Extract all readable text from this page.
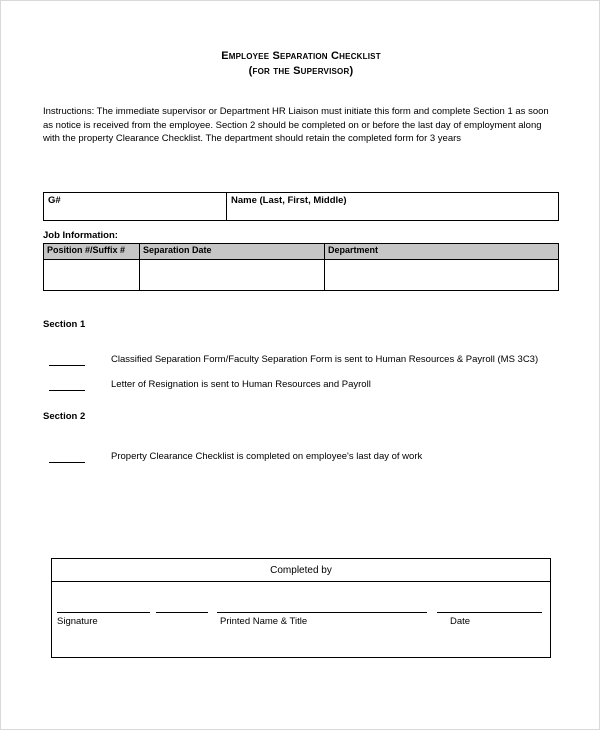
Employee Separation Checklist
(for the Supervisor)

Instructions: The immediate supervisor or Department HR Liaison must initiate this form and complete Section 1 as soon as notice is received from the employee. Section 2 should be completed on or before the last day of employment along with the property Clearance Checklist. The department should retain the completed form for 3 years

G#	Name (Last, First, Middle)
Job Information:
Position #/Suffix #	Separation Date	Department

Section 1
Classified Separation Form/Faculty Separation Form is sent to Human Resources & Payroll (MS 3C3)
Letter of Resignation is sent to Human Resources and Payroll
Section 2
Property Clearance Checklist is completed on employee's last day of work
Completed by
Signature	Printed Name & Title	Date
